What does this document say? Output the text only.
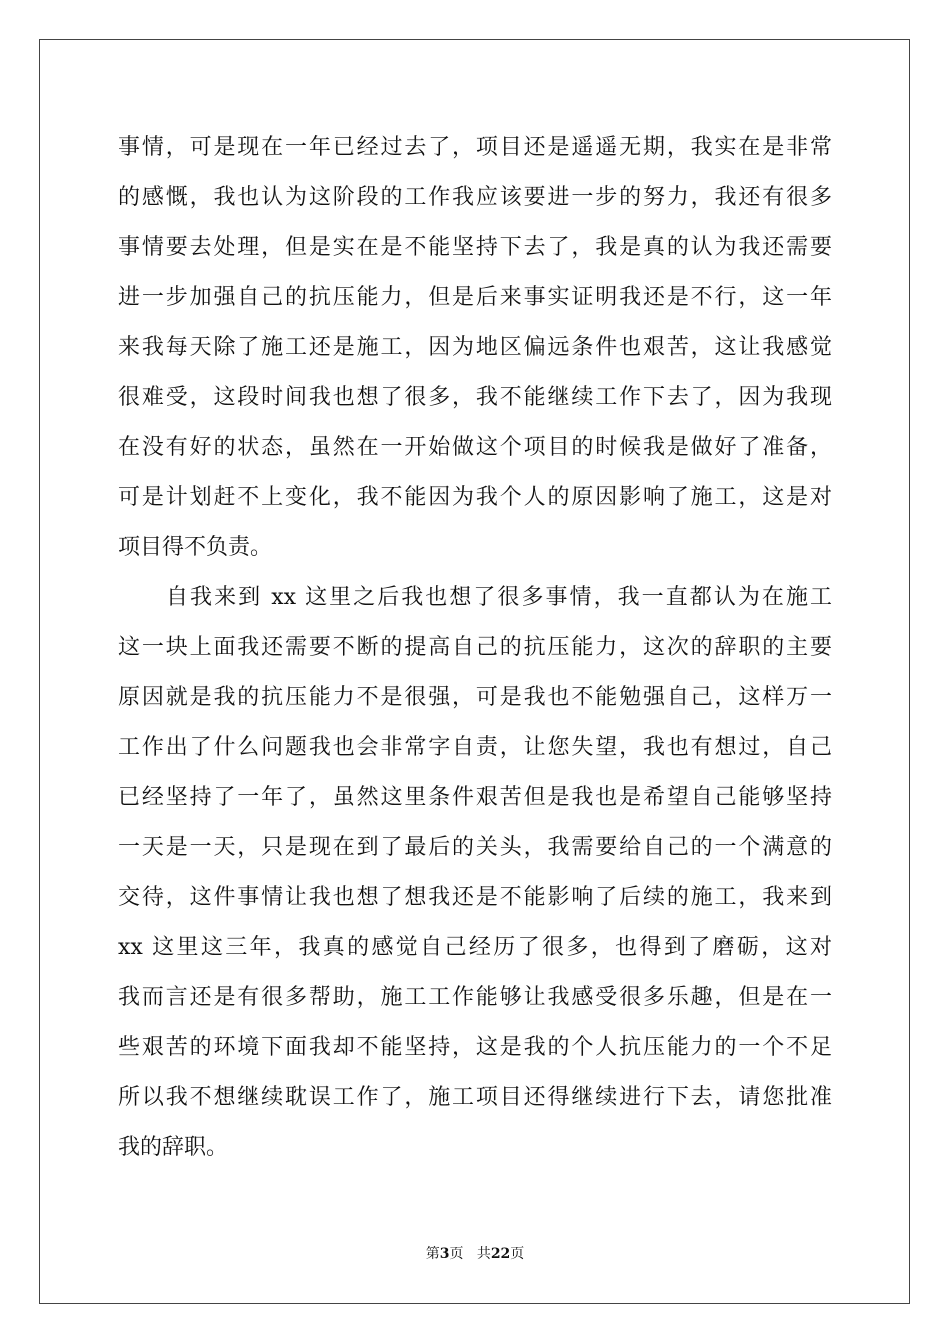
事情，可是现在一年已经过去了，项目还是遥遥无期，我实在是非常
的感慨，我也认为这阶段的工作我应该要进一步的努力，我还有很多
事情要去处理，但是实在是不能坚持下去了，我是真的认为我还需要
进一步加强自己的抗压能力，但是后来事实证明我还是不行，这一年
来我每天除了施工还是施工，因为地区偏远条件也艰苦，这让我感觉
很难受，这段时间我也想了很多，我不能继续工作下去了，因为我现
在没有好的状态，虽然在一开始做这个项目的时候我是做好了准备，
可是计划赶不上变化，我不能因为我个人的原因影响了施工，这是对
项目得不负责。
自我来到 xx 这里之后我也想了很多事情，我一直都认为在施工
这一块上面我还需要不断的提高自己的抗压能力，这次的辞职的主要
原因就是我的抗压能力不是很强，可是我也不能勉强自己，这样万一
工作出了什么问题我也会非常字自责，让您失望，我也有想过，自己
已经坚持了一年了，虽然这里条件艰苦但是我也是希望自己能够坚持
一天是一天，只是现在到了最后的关头，我需要给自己的一个满意的
交待，这件事情让我也想了想我还是不能影响了后续的施工，我来到
xx 这里这三年，我真的感觉自己经历了很多，也得到了磨砺，这对
我而言还是有很多帮助，施工工作能够让我感受很多乐趣，但是在一
些艰苦的环境下面我却不能坚持，这是我的个人抗压能力的一个不足
所以我不想继续耽误工作了，施工项目还得继续进行下去，请您批准
我的辞职。
第3页 共22页
